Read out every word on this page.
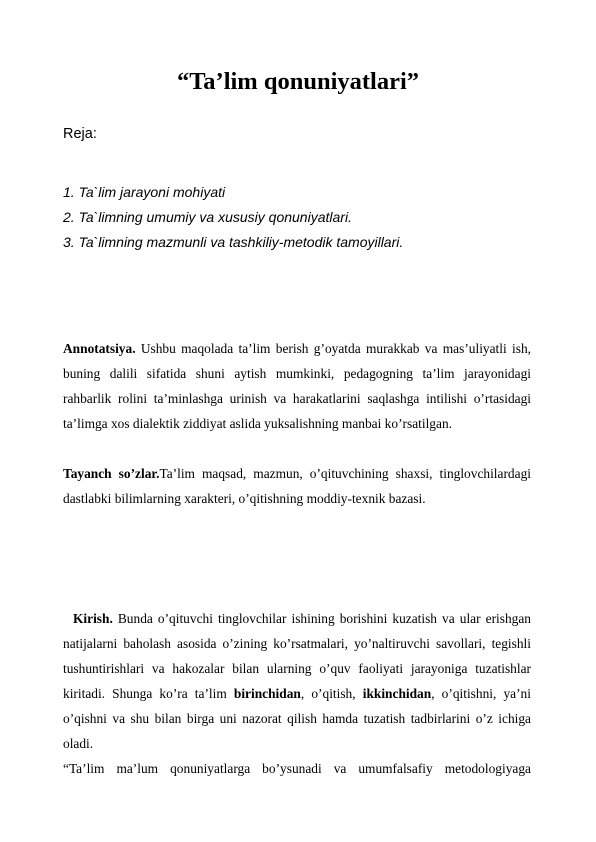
“Ta’lim qonuniyatlari”
Reja:
1. Ta`lim jarayoni mohiyati
2. Ta`limning umumiy va xususiy qonuniyatlari.
3. Ta`limning mazmunli va tashkiliy-metodik tamoyillari.

Annotatsiya. Ushbu maqolada ta’lim berish g’oyatda murakkab va mas’uliyatli ish, buning dalili sifatida shuni aytish mumkinki, pedagogning ta’lim jarayonidagi rahbarlik rolini ta’minlashga urinish va harakatlarini saqlashga intilishi o’rtasidagi ta’limga xos dialektik ziddiyat aslida yuksalishning manbai ko’rsatilgan.

Tayanch so’zlar.Ta’lim maqsad, mazmun, o’qituvchining shaxsi, tinglovchilardagi dastlabki bilimlarning xarakteri, o’qitishning moddiy-texnik bazasi.

Kirish. Bunda o’qituvchi tinglovchilar ishining borishini kuzatish va ular erishgan natijalarni baholash asosida o’zining ko’rsatmalari, yo’naltiruvchi savollari, tegishli tushuntirishlari va hakozalar bilan ularning o’quv faoliyati jarayoniga tuzatishlar kiritadi. Shunga ko’ra ta’lim birinchidan, o’qitish, ikkinchidan, o’qitishni, ya’ni o’qishni va shu bilan birga uni nazorat qilish hamda tuzatish tadbirlarini o’z ichiga oladi.

“Ta’lim ma’lum qonuniyatlarga bo’ysunadi va umumfalsafiy metodologiyaga
